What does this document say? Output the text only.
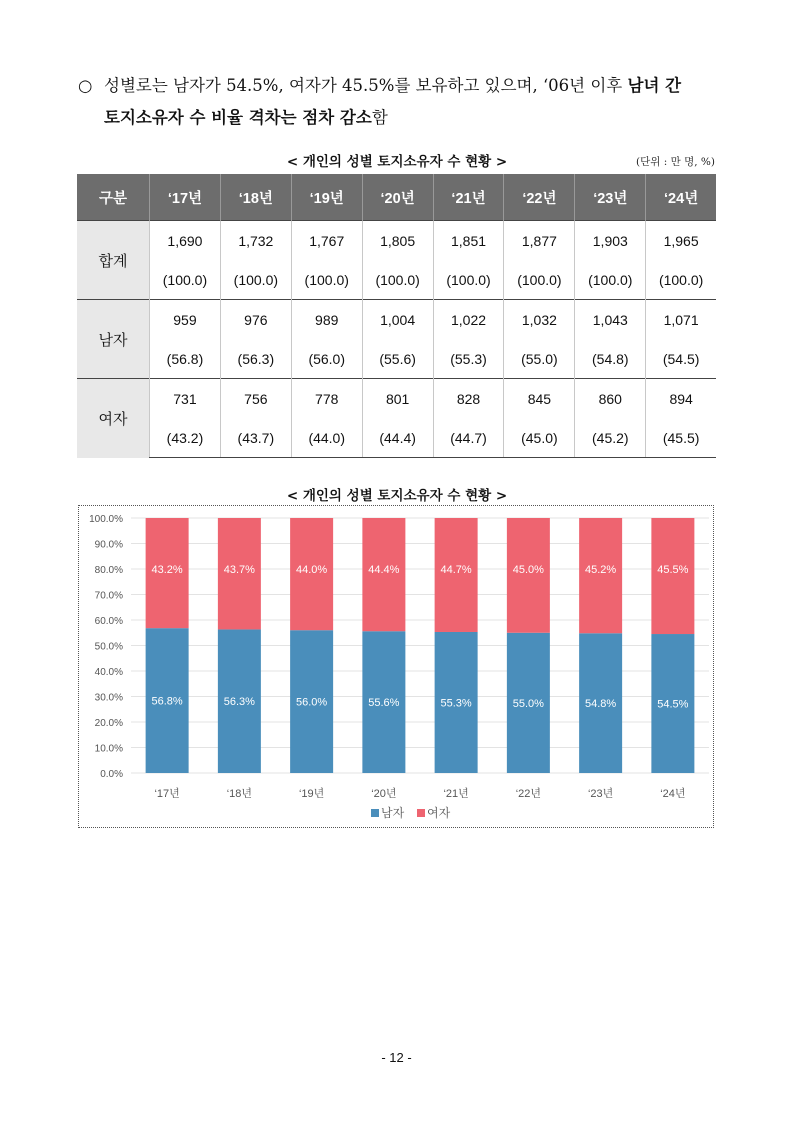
○ 성별로는 남자가 54.5%, 여자가 45.5%를 보유하고 있으며, ‘06년 이후 남녀 간
토지소유자 수 비율 격차는 점차 감소함
< 개인의 성별 토지소유자 수 현황 >	(단위 : 만 명, %)
구분	‘17년	‘18년	‘19년	‘20년	‘21년	‘22년	‘23년	‘24년
합계	1,690	1,732	1,767	1,805	1,851	1,877	1,903	1,965
	(100.0)	(100.0)	(100.0)	(100.0)	(100.0)	(100.0)	(100.0)	(100.0)
남자	959	976	989	1,004	1,022	1,032	1,043	1,071
	(56.8)	(56.3)	(56.0)	(55.6)	(55.3)	(55.0)	(54.8)	(54.5)
여자	731	756	778	801	828	845	860	894
	(43.2)	(43.7)	(44.0)	(44.4)	(44.7)	(45.0)	(45.2)	(45.5)
< 개인의 성별 토지소유자 수 현황 >
0.0%
10.0%
20.0%
30.0%
40.0%
50.0%
60.0%
70.0%
80.0%
90.0%
100.0%
56.8%
43.2%
‘17년
56.3%
43.7%
‘18년
56.0%
44.0%
‘19년
55.6%
44.4%
‘20년
55.3%
44.7%
‘21년
55.0%
45.0%
‘22년
54.8%
45.2%
‘23년
54.5%
45.5%
‘24년
남자 여자
- 12 -
